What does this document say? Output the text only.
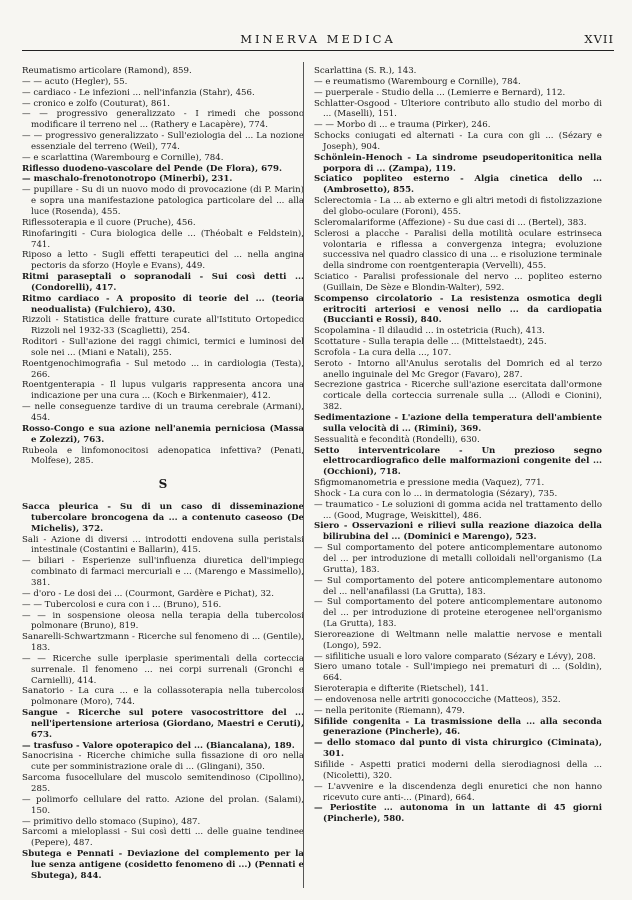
MINERVA MEDICA	XVII

Reumatismo articolare (Ramond), 859.

— — acuto (Hegler), 55.

— cardiaco - Le infezioni ... nell'infanzia (Stahr), 456.

— cronico e zolfo (Couturat), 861.

— — progressivo generalizzato - I rimedi che possono modificare il terreno nel ... (Rathery e Lacapère), 774.

— — progressivo generalizzato - Sull'eziologia del ... La nozione essenziale del terreno (Weil), 774.

— e scarlattina (Warembourg e Cornille), 784.

Riflesso duodeno-vascolare del Pende (De Flora), 679.

— maschalo-frenotonotropo (Minerbi), 231.

— pupillare - Su di un nuovo modo di provocazione (di P. Marin) e sopra una manifestazione patologica particolare del ... alla luce (Rosenda), 455.

Riflessoterapia e il cuore (Pruche), 456.

Rinofaringiti - Cura biologica delle ... (Théobalt e Feldstein), 741.

Riposo a letto - Sugli effetti terapeutici del ... nella angina pectoris da sforzo (Hoyle e Evans), 449.

Ritmi paraseptali o sopranodali - Sui così detti ... (Condorelli), 417.

Ritmo cardiaco - A proposito di teorie del ... (teoria neodualista) (Fulchiero), 430.

Rizzoli - Statistica delle fratture curate all'Istituto Ortopedico Rizzoli nel 1932-33 (Scaglietti), 254.

Roditori - Sull'azione dei raggi chimici, termici e luminosi del sole nei ... (Miani e Natali), 255.

Roentgenochimografia - Sul metodo ... in cardiologia (Testa), 266.

Roentgenterapia - Il lupus vulgaris rappresenta ancora una indicazione per una cura ... (Koch e Birkenmaier), 412.

— nelle conseguenze tardive di un trauma cerebrale (Armani), 454.

Rosso-Congo e sua azione nell'anemia perniciosa (Massa e Zolezzi), 763.

Rubeola e linfomonocitosi adenopatica infettiva? (Penati, Molfese), 285.

S

Sacca pleurica - Su di un caso di disseminazione tubercolare broncogena da ... a contenuto caseoso (De Michelis), 372.

Sali - Azione di diversi ... introdotti endovena sulla peristalsi intestinale (Costantini e Ballarin), 415.

— biliari - Esperienze sull'influenza diuretica dell'impiego combinato di farmaci mercuriali e ... (Marengo e Massimello), 381.

— d'oro - Le dosi dei ... (Courmont, Gardère e Pichat), 32.

— — Tubercolosi e cura con i ... (Bruno), 516.

— — in sospensione oleosa nella terapia della tubercolosi polmonare (Bruno), 819.

Sanarelli-Schwartzmann - Ricerche sul fenomeno di ... (Gentile), 183.

— — Ricerche sulle iperplasie sperimentali della corteccia surrenale. Il fenomeno ... nei corpi surrenali (Gronchi e Carnielli), 414.

Sanatorio - La cura ... e la collassoterapia nella tubercolosi polmonare (Moro), 744.

Sangue - Ricerche sul potere vasocostrittore del ... nell'ipertensione arteriosa (Giordano, Maestri e Ceruti), 673.

— trasfuso - Valore opoterapico del ... (Biancalana), 189.

Sanocrisina - Ricerche chimiche sulla fissazione di oro nella cute per somministrazione orale di ... (Glingani), 350.

Sarcoma fusocellulare del muscolo semitendinoso (Cipollino), 285.

— polimorfo cellulare del ratto. Azione del prolan. (Salami), 150.

— primitivo dello stomaco (Supino), 487.

Sarcomi a mieloplassi - Sui così detti ... delle guaine tendinee (Pepere), 487.

Sbutega e Pennati - Deviazione del complemento per la lue senza antigene (cosidetto fenomeno di ...) (Pennati e Sbutega), 844.

Scarlattina (S. R.), 143.

— e reumatismo (Warembourg e Cornille), 784.

— puerperale - Studio della ... (Lemierre e Bernard), 112.

Schlatter-Osgood - Ulteriore contributo allo studio del morbo di ... (Maselli), 151.

— — Morbo di ... e trauma (Pirker), 246.

Schocks coniugati ed alternati - La cura con gli ... (Sézary e Joseph), 904.

Schönlein-Henoch - La sindrome pseudoperitonitica nella porpora di ... (Zampa), 119.

Sciatico popliteo esterno - Algia cinetica dello ... (Ambrosetto), 855.

Sclerectomia - La ... ab externo e gli altri metodi di fistolizzazione del globo-oculare (Foroni), 455.

Scleromalariforme (Affezione) - Su due casi di ... (Bertel), 383.

Sclerosi a placche - Paralisi della motilità oculare estrinseca volontaria e riflessa a convergenza integra; evoluzione successiva nel quadro classico di una ... e risoluzione terminale della sindrome con roentgenterapia (Vervelli), 455.

Sciatico - Paralisi professionale del nervo ... popliteo esterno (Guillain, De Sèze e Blondin-Walter), 592.

Scompenso circolatorio - La resistenza osmotica degli eritrociti arteriosi e venosi nello ... da cardiopatia (Buccianti e Rossi), 840.

Scopolamina - Il dilaudid ... in ostetricia (Ruch), 413.

Scottature - Sulla terapia delle ... (Mittelstaedt), 245.

Scrofola - La cura della ..., 107.

Seroto - Intorno all'Anulus serotalis del Domrich ed al terzo anello inguinale del Mc Gregor (Favaro), 287.

Secrezione gastrica - Ricerche sull'azione esercitata dall'ormone corticale della corteccia surrenale sulla ... (Allodi e Cionini), 382.

Sedimentazione - L'azione della temperatura dell'ambiente sulla velocità di ... (Rimini), 369.

Sessualità e fecondità (Rondelli), 630.

Setto interventricolare - Un prezioso segno elettrocardiografico delle malformazioni congenite del ... (Occhioni), 718.

Sfigmomanometria e pressione media (Vaquez), 771.

Shock - La cura con lo ... in dermatologia (Sézary), 735.

— traumatico - Le soluzioni di gomma acida nel trattamento dello ... (Good, Mugrage, Weiskittel), 486.

Siero - Osservazioni e rilievi sulla reazione diazoica della bilirubina del ... (Dominici e Marengo), 523.

— Sul comportamento del potere anticomplementare autonomo del ... per introduzione di metalli colloidali nell'organismo (La Grutta), 183.

— Sul comportamento del potere anticomplementare autonomo del ... nell'anafilassi (La Grutta), 183.

— Sul comportamento del potere anticomplementare autonomo del ... per introduzione di proteine eterogenee nell'organismo (La Grutta), 183.

Sieroreazione di Weltmann nelle malattie nervose e mentali (Longo), 592.

— sifilitiche usuali e loro valore comparato (Sézary e Lévy), 208.

Siero umano totale - Sull'impiego nei prematuri di ... (Soldin), 664.

Sieroterapia e difterite (Rietschel), 141.

— endovenosa nelle artriti gonococciche (Matteos), 352.

— nella peritonite (Riemann), 479.

Sifilide congenita - La trasmissione della ... alla seconda generazione (Pincherle), 46.

— dello stomaco dal punto di vista chirurgico (Ciminata), 301.

Sifilide - Aspetti pratici moderni della sierodiagnosi della ... (Nicoletti), 320.

— L'avvenire e la discendenza degli enuretici che non hanno ricevuto cure anti-... (Pinard), 664.

— Periostite ... autonoma in un lattante di 45 giorni (Pincherle), 580.
